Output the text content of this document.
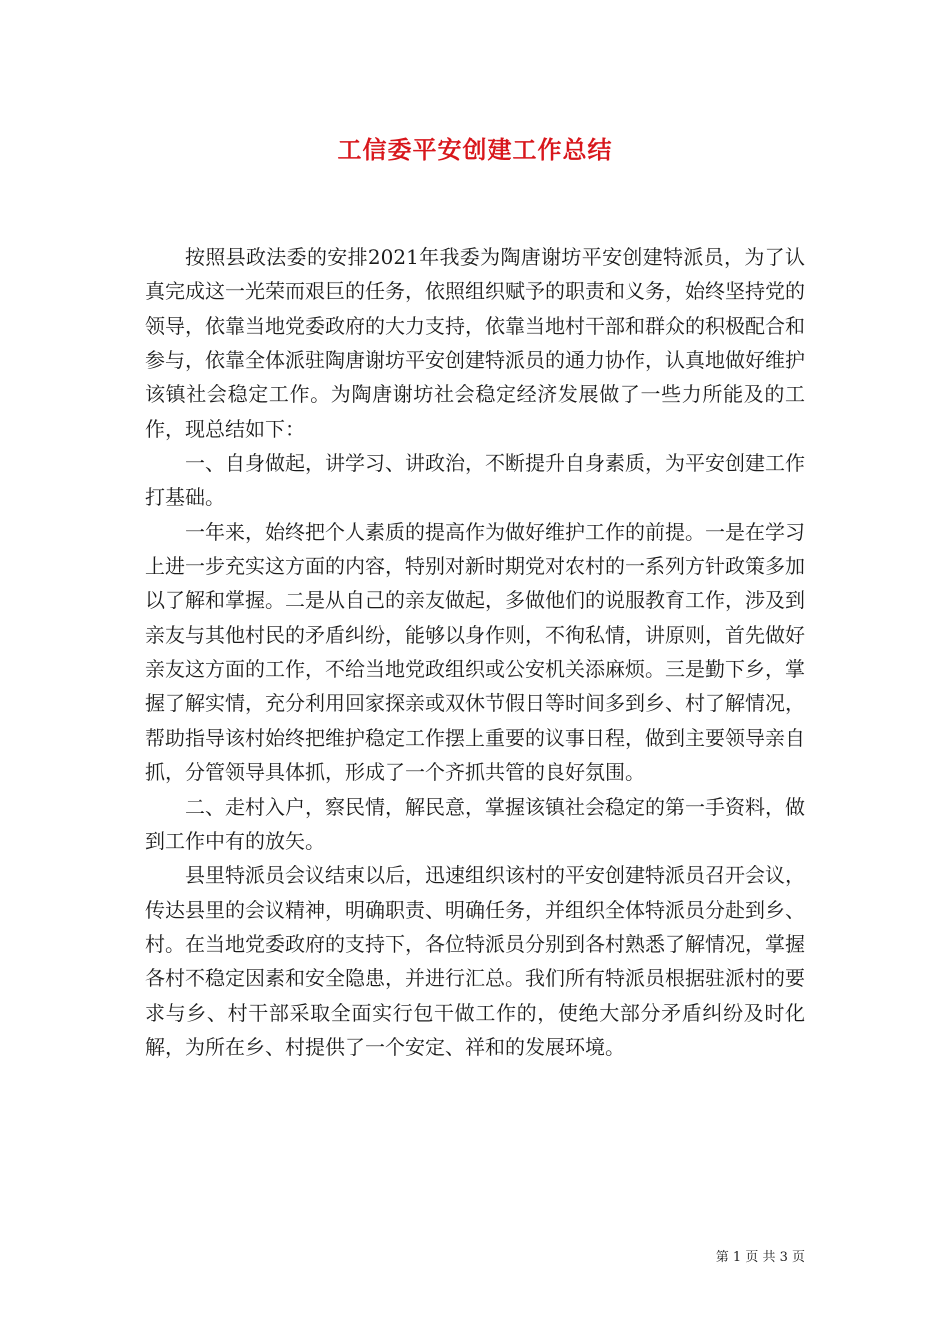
工信委平安创建工作总结

按照县政法委的安排2021年我委为陶唐谢坊平安创建特派员，为了认真完成这一光荣而艰巨的任务，依照组织赋予的职责和义务，始终坚持党的领导，依靠当地党委政府的大力支持，依靠当地村干部和群众的积极配合和参与，依靠全体派驻陶唐谢坊平安创建特派员的通力协作，认真地做好维护该镇社会稳定工作。为陶唐谢坊社会稳定经济发展做了一些力所能及的工作，现总结如下：

一、自身做起，讲学习、讲政治，不断提升自身素质，为平安创建工作打基础。

一年来，始终把个人素质的提高作为做好维护工作的前提。一是在学习上进一步充实这方面的内容，特别对新时期党对农村的一系列方针政策多加以了解和掌握。二是从自己的亲友做起，多做他们的说服教育工作，涉及到亲友与其他村民的矛盾纠纷，能够以身作则，不徇私情，讲原则，首先做好亲友这方面的工作，不给当地党政组织或公安机关添麻烦。三是勤下乡，掌握了解实情，充分利用回家探亲或双休节假日等时间多到乡、村了解情况，帮助指导该村始终把维护稳定工作摆上重要的议事日程，做到主要领导亲自抓，分管领导具体抓，形成了一个齐抓共管的良好氛围。

二、走村入户，察民情，解民意，掌握该镇社会稳定的第一手资料，做到工作中有的放矢。

县里特派员会议结束以后，迅速组织该村的平安创建特派员召开会议，传达县里的会议精神，明确职责、明确任务，并组织全体特派员分赴到乡、村。在当地党委政府的支持下，各位特派员分别到各村熟悉了解情况，掌握各村不稳定因素和安全隐患，并进行汇总。我们所有特派员根据驻派村的要求与乡、村干部采取全面实行包干做工作的，使绝大部分矛盾纠纷及时化解，为所在乡、村提供了一个安定、祥和的发展环境。

第 1 页 共 3 页
